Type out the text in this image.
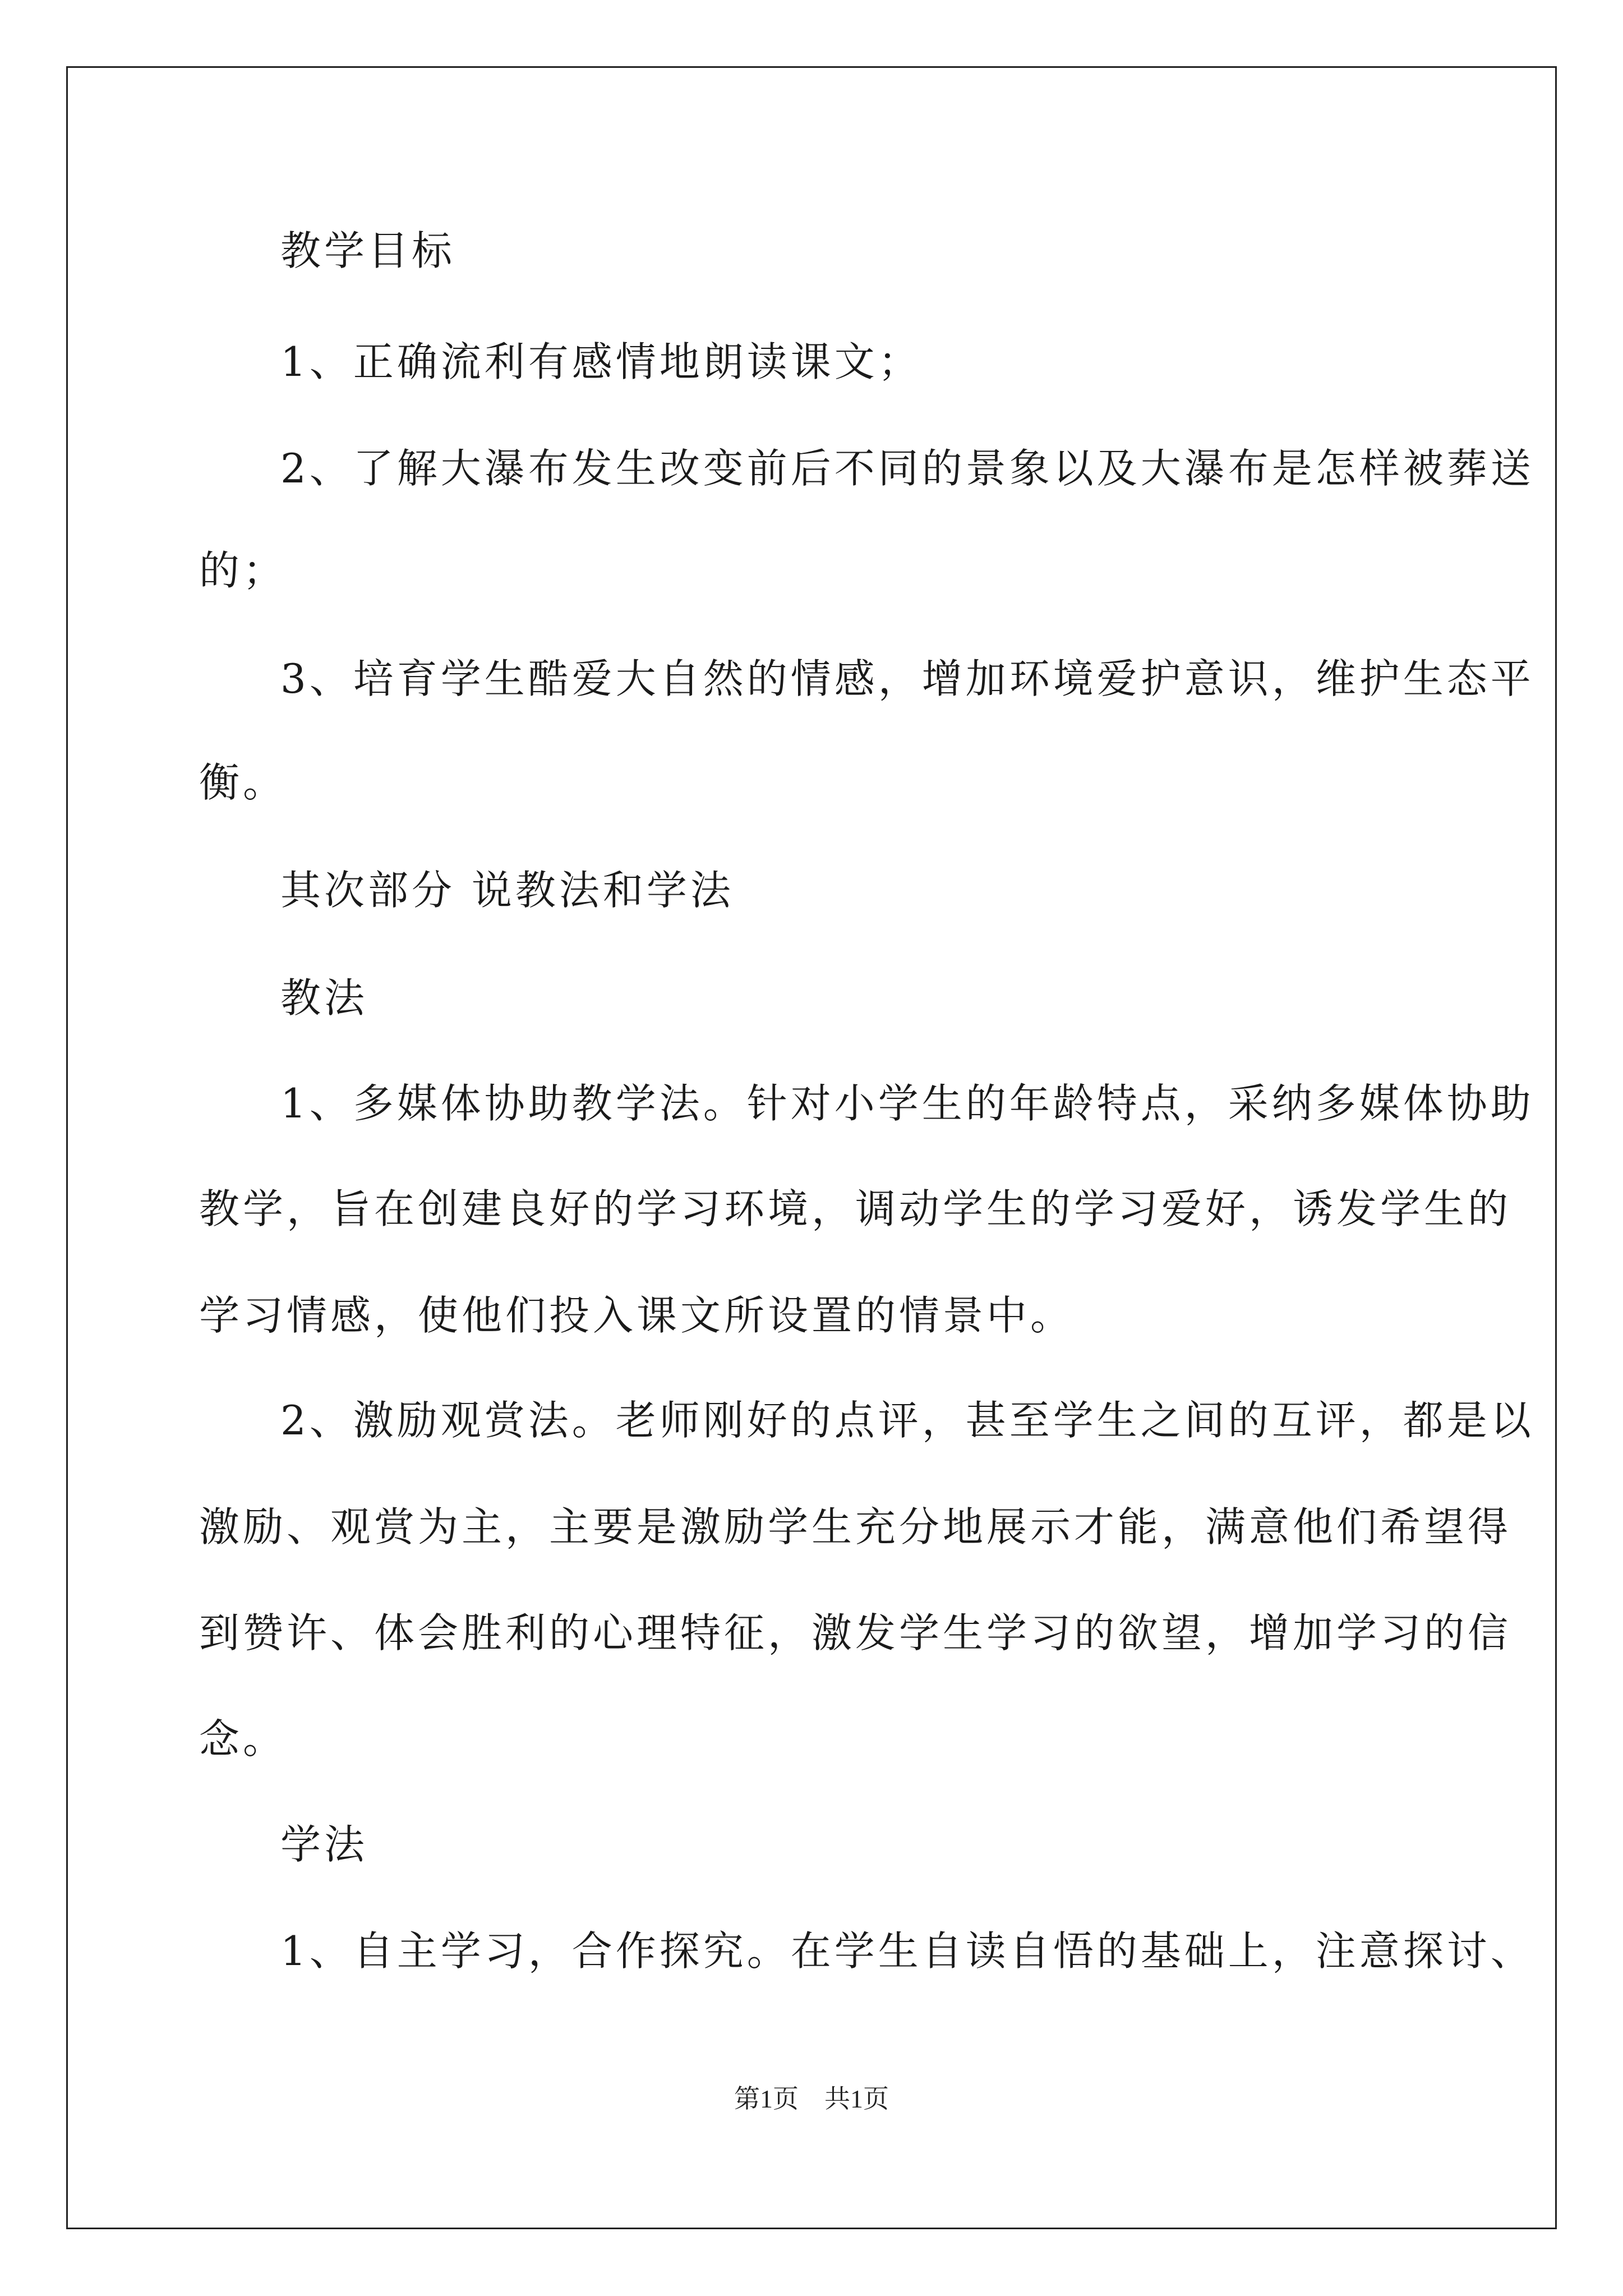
教学目标
1、正确流利有感情地朗读课文；
2、了解大瀑布发生改变前后不同的景象以及大瀑布是怎样被葬送
的；
3、培育学生酷爱大自然的情感，增加环境爱护意识，维护生态平
衡。
其次部分 说教法和学法
教法
1、多媒体协助教学法。针对小学生的年龄特点，采纳多媒体协助
教学，旨在创建良好的学习环境，调动学生的学习爱好，诱发学生的
学习情感，使他们投入课文所设置的情景中。
2、激励观赏法。老师刚好的点评，甚至学生之间的互评，都是以
激励、观赏为主，主要是激励学生充分地展示才能，满意他们希望得
到赞许、体会胜利的心理特征，激发学生学习的欲望，增加学习的信
念。
学法
1、自主学习，合作探究。在学生自读自悟的基础上，注意探讨、
第1页　共1页
